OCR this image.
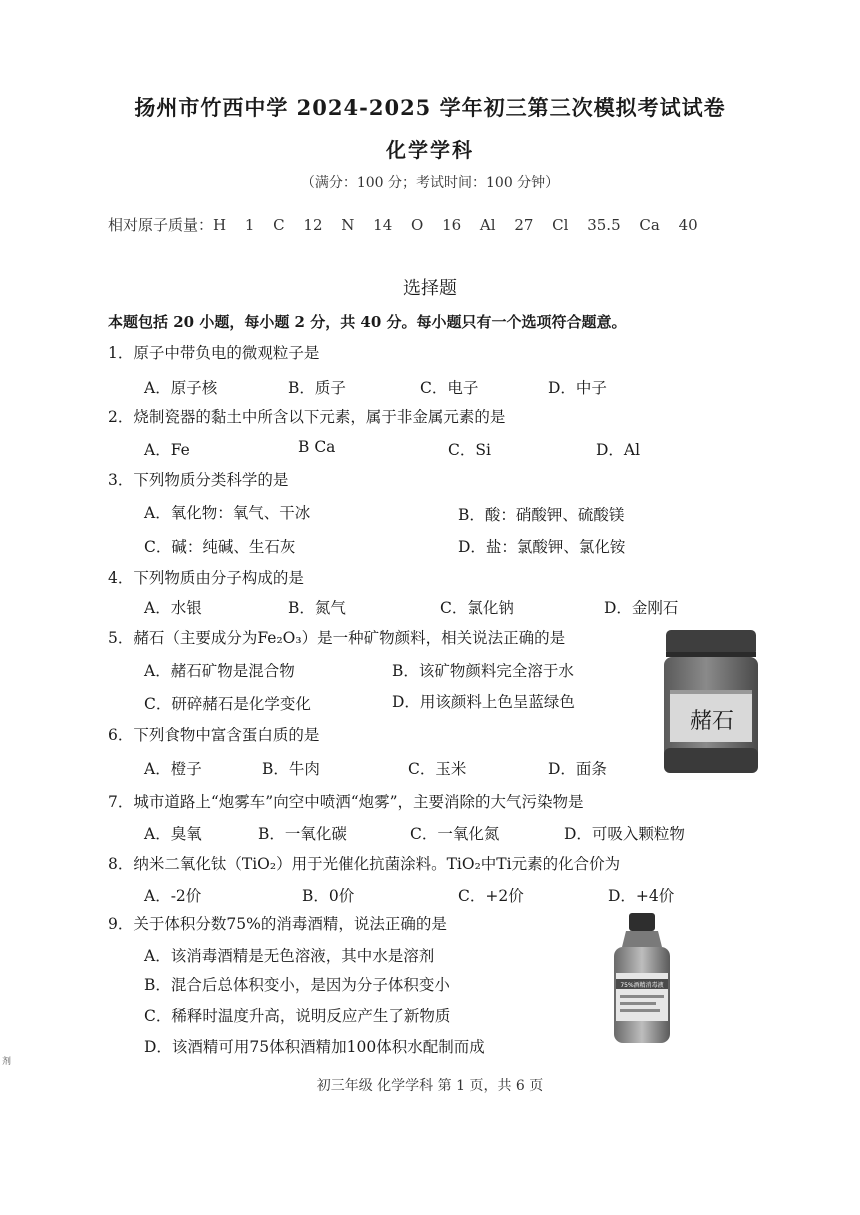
扬州市竹西中学 2024-2025 学年初三第三次模拟考试试卷
化学学科
（满分：100 分；考试时间：100 分钟）
相对原子质量：H 1 C 12 N 14 O 16 Al 27 Cl 35.5 Ca 40
选择题
本题包括 20 小题，每小题 2 分，共 40 分。每小题只有一个选项符合题意。
1．原子中带负电的微观粒子是
A．原子核	B．质子	C．电子	D．中子
2．烧制瓷器的黏土中所含以下元素，属于非金属元素的是
A．Fe	B Ca	C．Si	D．Al
3．下列物质分类科学的是
A．氧化物：氧气、干冰	B．酸：硝酸钾、硫酸镁
C．碱：纯碱、生石灰	D．盐：氯酸钾、氯化铵
4．下列物质由分子构成的是
A．水银	B．氮气	C．氯化钠	D．金刚石
5．赭石（主要成分为Fe₂O₃）是一种矿物颜料，相关说法正确的是
A．赭石矿物是混合物	B．该矿物颜料完全溶于水
C．研碎赭石是化学变化	D．用该颜料上色呈蓝绿色
赭石
6．下列食物中富含蛋白质的是
A．橙子	B．牛肉	C．玉米	D．面条
7．城市道路上“炮雾车”向空中喷洒“炮雾”，主要消除的大气污染物是
A．臭氧	B．一氧化碳	C．一氧化氮	D．可吸入颗粒物
8．纳米二氧化钛（TiO₂）用于光催化抗菌涂料。TiO₂中Ti元素的化合价为
A．-2价	B．0价	C．+2价	D．+4价
9．关于体积分数75%的消毒酒精，说法正确的是
A．该消毒酒精是无色溶液，其中水是溶剂
B．混合后总体积变小，是因为分子体积变小
C．稀释时温度升高，说明反应产生了新物质
D．该酒精可用75体积酒精加100体积水配制而成
75%酒精消毒液
剂
初三年级 化学学科 第 1 页，共 6 页
